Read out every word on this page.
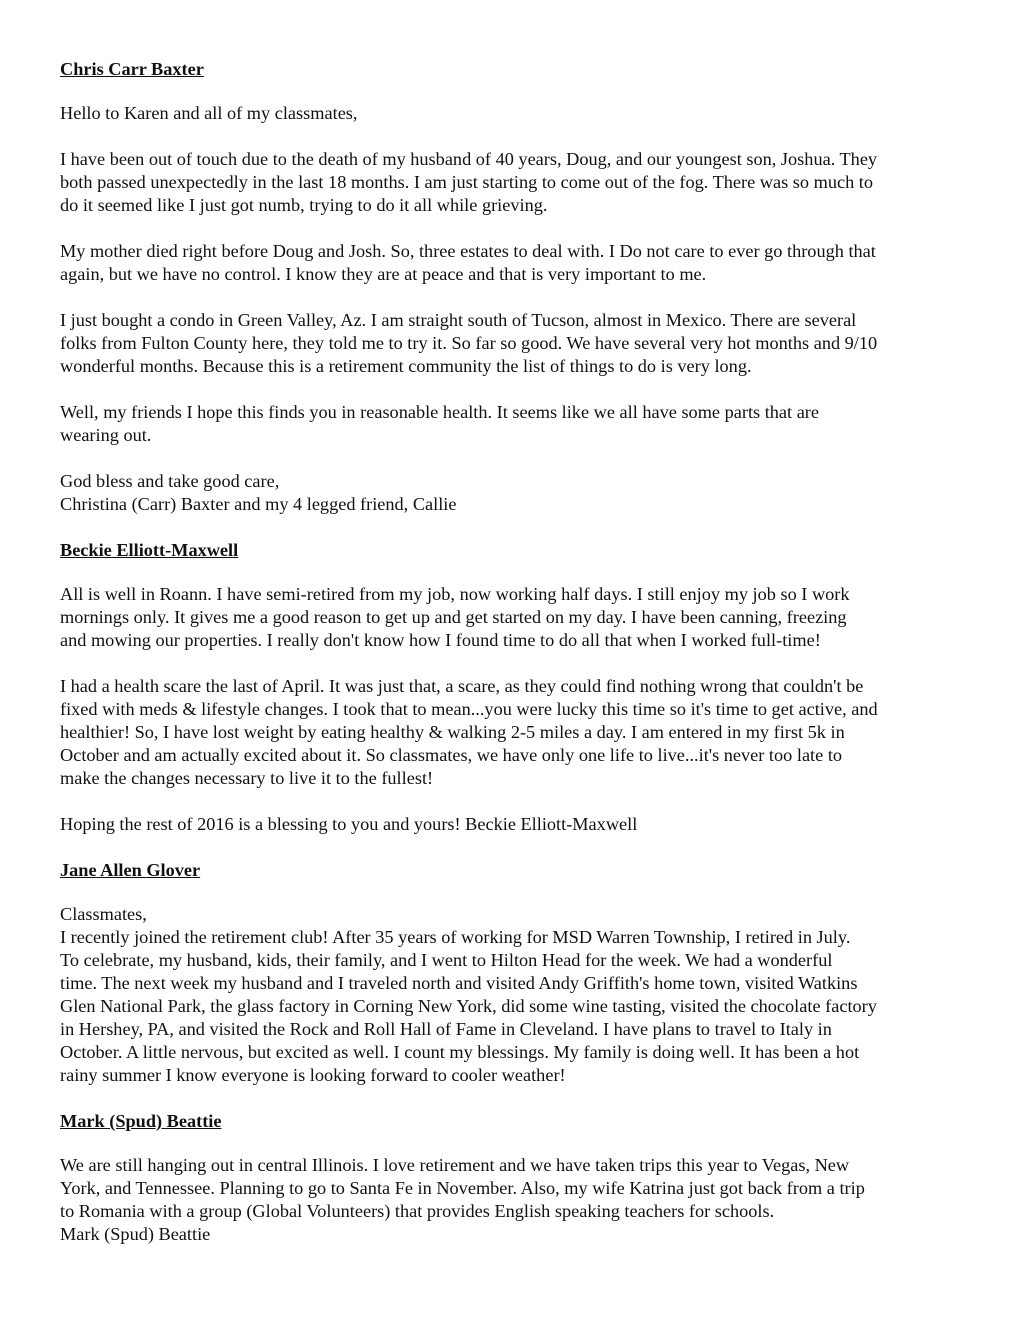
Chris Carr Baxter
Hello to Karen and all of my classmates,
I have been out of touch due to the death of my husband of 40 years, Doug, and our youngest son, Joshua. They
both passed unexpectedly in the last 18 months. I am just starting to come out of the fog. There was so much to
do it seemed like I just got numb, trying to do it all while grieving.
My mother died right before Doug and Josh. So, three estates to deal with. I Do not care to ever go through that
again, but we have no control. I know they are at peace and that is very important to me.
I just bought a condo in Green Valley, Az. I am straight south of Tucson, almost in Mexico. There are several
folks from Fulton County here, they told me to try it. So far so good. We have several very hot months and 9/10
wonderful months. Because this is a retirement community the list of things to do is very long.
Well, my friends I hope this finds you in reasonable health. It seems like we all have some parts that are
wearing out.
God bless and take good care,
Christina (Carr) Baxter and my 4 legged friend, Callie
Beckie Elliott-Maxwell
All is well in Roann. I have semi-retired from my job, now working half days. I still enjoy my job so I work
mornings only. It gives me a good reason to get up and get started on my day. I have been canning, freezing
and mowing our properties. I really don't know how I found time to do all that when I worked full-time!
I had a health scare the last of April. It was just that, a scare, as they could find nothing wrong that couldn't be
fixed with meds & lifestyle changes. I took that to mean...you were lucky this time so it's time to get active, and
healthier! So, I have lost weight by eating healthy & walking 2-5 miles a day. I am entered in my first 5k in
October and am actually excited about it. So classmates, we have only one life to live...it's never too late to
make the changes necessary to live it to the fullest!
Hoping the rest of 2016 is a blessing to you and yours! Beckie Elliott-Maxwell
Jane Allen Glover
Classmates,
I recently joined the retirement club! After 35 years of working for MSD Warren Township, I retired in July.
To celebrate, my husband, kids, their family, and I went to Hilton Head for the week. We had a wonderful
time. The next week my husband and I traveled north and visited Andy Griffith's home town, visited Watkins
Glen National Park, the glass factory in Corning New York, did some wine tasting, visited the chocolate factory
in Hershey, PA, and visited the Rock and Roll Hall of Fame in Cleveland. I have plans to travel to Italy in
October. A little nervous, but excited as well. I count my blessings. My family is doing well. It has been a hot
rainy summer I know everyone is looking forward to cooler weather!
Mark (Spud) Beattie
We are still hanging out in central Illinois. I love retirement and we have taken trips this year to Vegas, New
York, and Tennessee. Planning to go to Santa Fe in November. Also, my wife Katrina just got back from a trip
to Romania with a group (Global Volunteers) that provides English speaking teachers for schools.
Mark (Spud) Beattie
